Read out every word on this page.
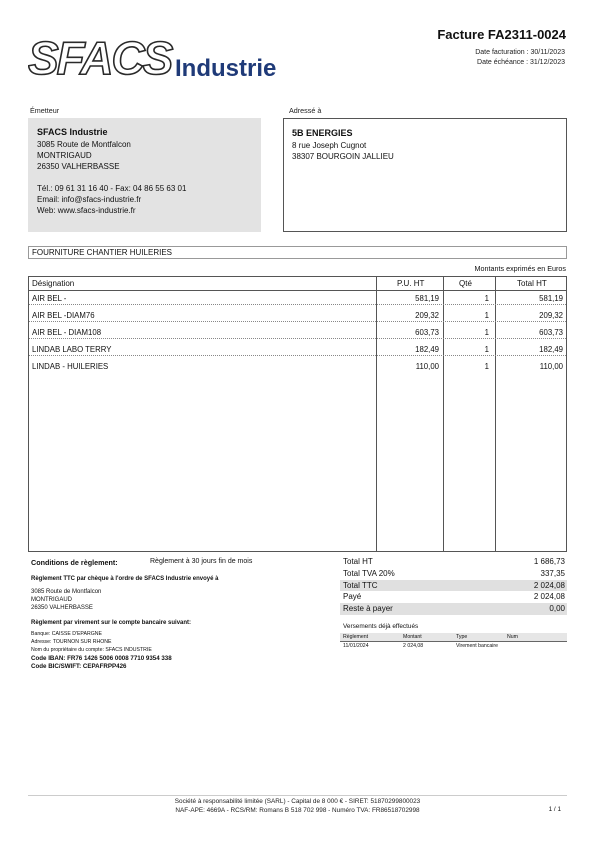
SFACS Industrie
Facture FA2311-0024
Date facturation : 30/11/2023
Date échéance : 31/12/2023
Émetteur	Adressé à
SFACS Industrie
3085 Route de Montfalcon
MONTRIGAUD
26350 VALHERBASSE
Tél.: 09 61 31 16 40 - Fax: 04 86 55 63 01
Email: info@sfacs-industrie.fr
Web: www.sfacs-industrie.fr
5B ENERGIES
8 rue Joseph Cugnot
38307 BOURGOIN JALLIEU
FOURNITURE CHANTIER HUILERIES
Montants exprimés en Euros
Désignation	P.U. HT	Qté	Total HT
AIR BEL -	581,19	1	581,19
AIR BEL -DIAM76	209,32	1	209,32
AIR BEL - DIAM108	603,73	1	603,73
LINDAB LABO TERRY	182,49	1	182,49
LINDAB - HUILERIES	110,00	1	110,00
Conditions de règlement:	Règlement à 30 jours fin de mois
Règlement TTC par chèque à l'ordre de SFACS Industrie envoyé à
3085 Route de Montfalcon
MONTRIGAUD
26350 VALHERBASSE
Règlement par virement sur le compte bancaire suivant:
Banque: CAISSE D'EPARGNE
Adresse: TOURNON SUR RHONE
Nom du propriétaire du compte: SFACS INDUSTRIE
Code IBAN: FR76 1426 5006 0008 7710 9354 338
Code BIC/SWIFT: CEPAFRPP426
Total HT	1 686,73
Total TVA 20%	337,35
Total TTC	2 024,08
Payé	2 024,08
Reste à payer	0,00
Versements déjà effectués
Règlement	Montant	Type	Num
11/01/2024	2 024,08	Virement bancaire
Société à responsabilité limitée (SARL) - Capital de 8 000 € - SIRET: 51870299800023
NAF-APE: 4669A - RCS/RM: Romans B 518 702 998 - Numéro TVA: FR86518702998	1 / 1
